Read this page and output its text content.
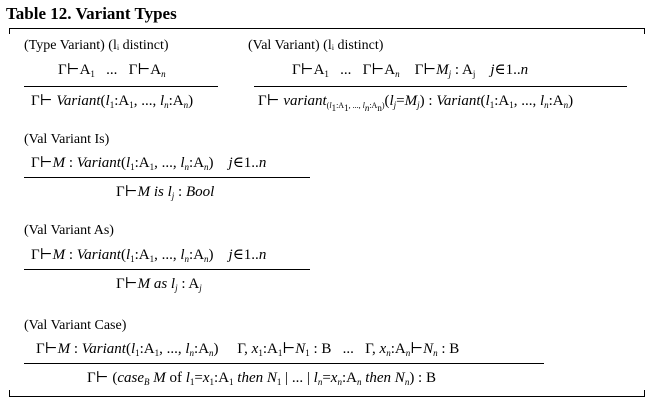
Table 12. Variant Types
(Type Variant) (lᵢ distinct)
$\Gamma⊢A_1$   ...   $\Gamma⊢A_n$
Γ⊢ $Variant(l_1:A_1$, ..., $l_n:A_n$)
(Val Variant) (lᵢ distinct)
$\Gamma⊢A_1$   ...   $\Gamma⊢A_n$    $\Gamma⊢M_j$ : $A_j$ j∈1..n
Γ⊢ $variant_{(l_1:A_1, ..., l_n:A_n)}(l_j=M_j)$ : $Variant(l_1:A_1$, ..., $l_n:A_n$)
(Val Variant Is)
Γ⊢M : $Variant(l_1:A_1$, ..., $l_n:A_n$)    j∈1..n
Γ⊢M is $l_j$ : Bool
(Val Variant As)
Γ⊢M : $Variant(l_1:A_1$, ..., $l_n:A_n$)    j∈1..n
Γ⊢M as $l_j$ : $A_j$
(Val Variant Case)
Γ⊢M : $Variant(l_1:A_1$, ..., $l_n:A_n$)     Γ, $x_1:A_1⊢N_1$ : B   ...   Γ, $x_n:A_n⊢N_n$ : B
Γ⊢ (case$_B$ M of $l_1=x_1:A_1$ then $N_1$ | ... | $l_n=x_n:A_n$ then $N_n$) : B
